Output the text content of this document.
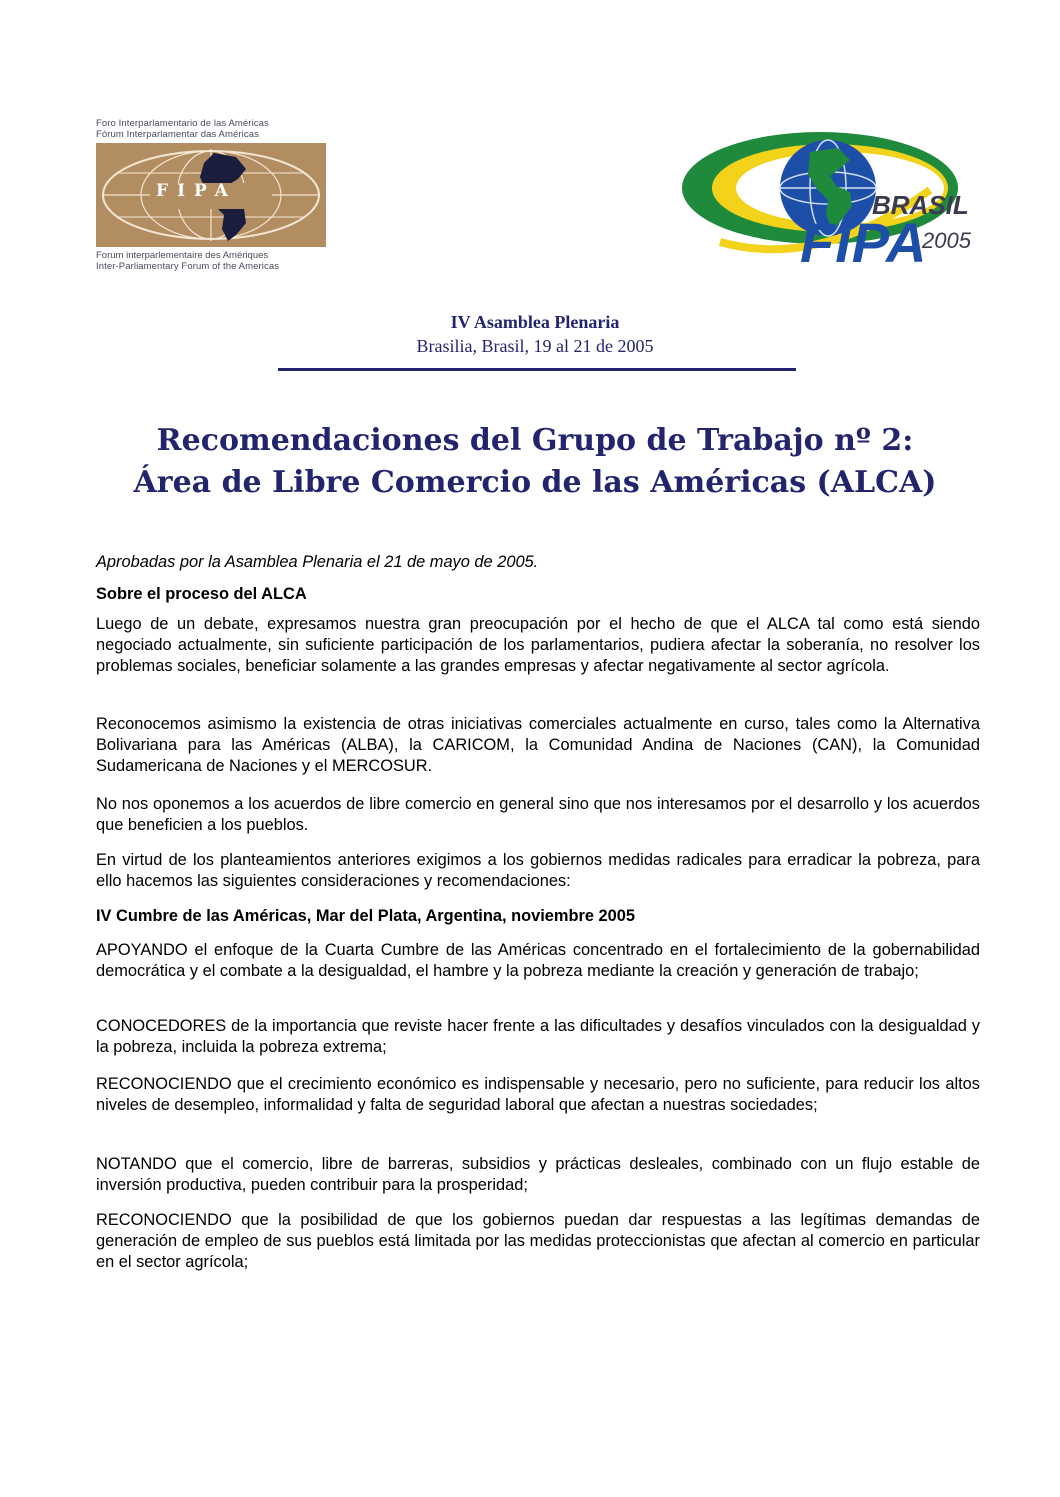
Foro Interparlamentario de las Américas
Fórum Interparlamentar das Américas
FIPA
Forum interparlementaire des Amériques
Inter-Parliamentary Forum of the Americas
BRASIL
FIPA
2005
IV Asamblea Plenaria
Brasilia, Brasil, 19 al 21 de 2005
Recomendaciones del Grupo de Trabajo nº 2:
Área de Libre Comercio de las Américas (ALCA)

Aprobadas por la Asamblea Plenaria el 21 de mayo de 2005.

Sobre el proceso del ALCA

Luego de un debate, expresamos nuestra gran preocupación por el hecho de que el ALCA tal como está siendo negociado actualmente, sin suficiente participación de los parlamentarios, pudiera afectar la soberanía, no resolver los problemas sociales, beneficiar solamente a las grandes empresas y afectar negativamente al sector agrícola.

Reconocemos asimismo la existencia de otras iniciativas comerciales actualmente en curso, tales como la Alternativa Bolivariana para las Américas (ALBA), la CARICOM, la Comunidad Andina de Naciones (CAN), la Comunidad Sudamericana de Naciones y el MERCOSUR.

No nos oponemos a los acuerdos de libre comercio en general sino que nos interesamos por el desarrollo y los acuerdos que beneficien a los pueblos.

En virtud de los planteamientos anteriores exigimos a los gobiernos medidas radicales para erradicar la pobreza, para ello hacemos las siguientes consideraciones y recomendaciones:

IV Cumbre de las Américas, Mar del Plata, Argentina, noviembre 2005

APOYANDO el enfoque de la Cuarta Cumbre de las Américas concentrado en el fortalecimiento de la gobernabilidad democrática y el combate a la desigualdad, el hambre y la pobreza mediante la creación y generación de trabajo;

CONOCEDORES de la importancia que reviste hacer frente a las dificultades y desafíos vinculados con la desigualdad y la pobreza, incluida la pobreza extrema;

RECONOCIENDO que el crecimiento económico es indispensable y necesario, pero no suficiente, para reducir los altos niveles de desempleo, informalidad y falta de seguridad laboral que afectan a nuestras sociedades;

NOTANDO que el comercio, libre de barreras, subsidios y prácticas desleales, combinado con un flujo estable de inversión productiva, pueden contribuir para la prosperidad;

RECONOCIENDO que la posibilidad de que los gobiernos puedan dar respuestas a las legítimas demandas de generación de empleo de sus pueblos está limitada por las medidas proteccionistas que afectan al comercio en particular en el sector agrícola;
